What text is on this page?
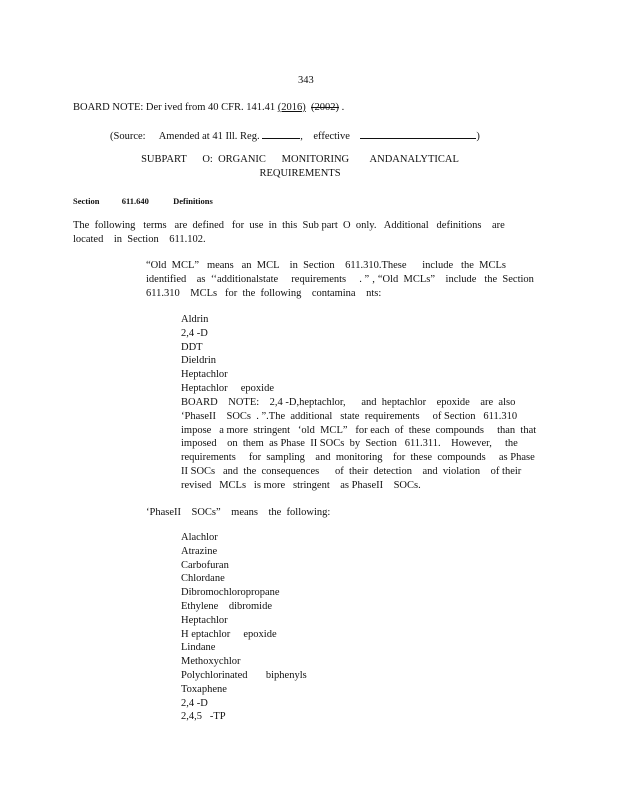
343
BOARD NOTE: Der ived from 40 CFR. 141.41 (2016) (2002) .
(Source: Amended at 41 Ill. Reg.	, effective	)
SUBPART      O:  ORGANIC      MONITORING        ANDANALYTICAL
REQUIREMENTS
Section	611.640	Definitions
The  following   terms   are  defined   for  use  in  this  Sub part  O  only.   Additional   definitions    are
located    in  Section    611.102.
“Old  MCL”   means   an  MCL    in  Section    611.310.These      include   the  MCLs
identified    as  ‘‘additionalstate     requirements     . ” ‚ “Old  MCLs”    include   the  Section
611.310    MCLs   for  the  following    contamina    nts:
Aldrin
2,4 -D
DDT
Dieldrin
Heptachlor
Heptachlor     epoxide
BOARD    NOTE:    2,4 -D,heptachlor,      and  heptachlor    epoxide    are  also
‘PhaseII    SOCs  . ”.The  additional   state  requirements     of Section   611.310
impose   a more  stringent   ‘old  MCL”   for each  of  these  compounds     than  that
imposed    on  them  as Phase  II SOCs  by  Section   611.311.    However,     the
requirements     for  sampling    and  monitoring    for  these  compounds     as Phase
II SOCs   and  the  consequences      of  their  detection    and  violation    of their
revised   MCLs   is more   stringent    as PhaseII    SOCs.
‘PhaseII    SOCs”    means    the  following:
Alachlor
Atrazine
Carbofuran
Chlordane
Dibromochloropropane
Ethylene    dibromide
Heptachlor
H eptachlor     epoxide
Lindane
Methoxychlor
Polychlorinated       biphenyls
Toxaphene
2,4 -D
2,4,5   -TP
